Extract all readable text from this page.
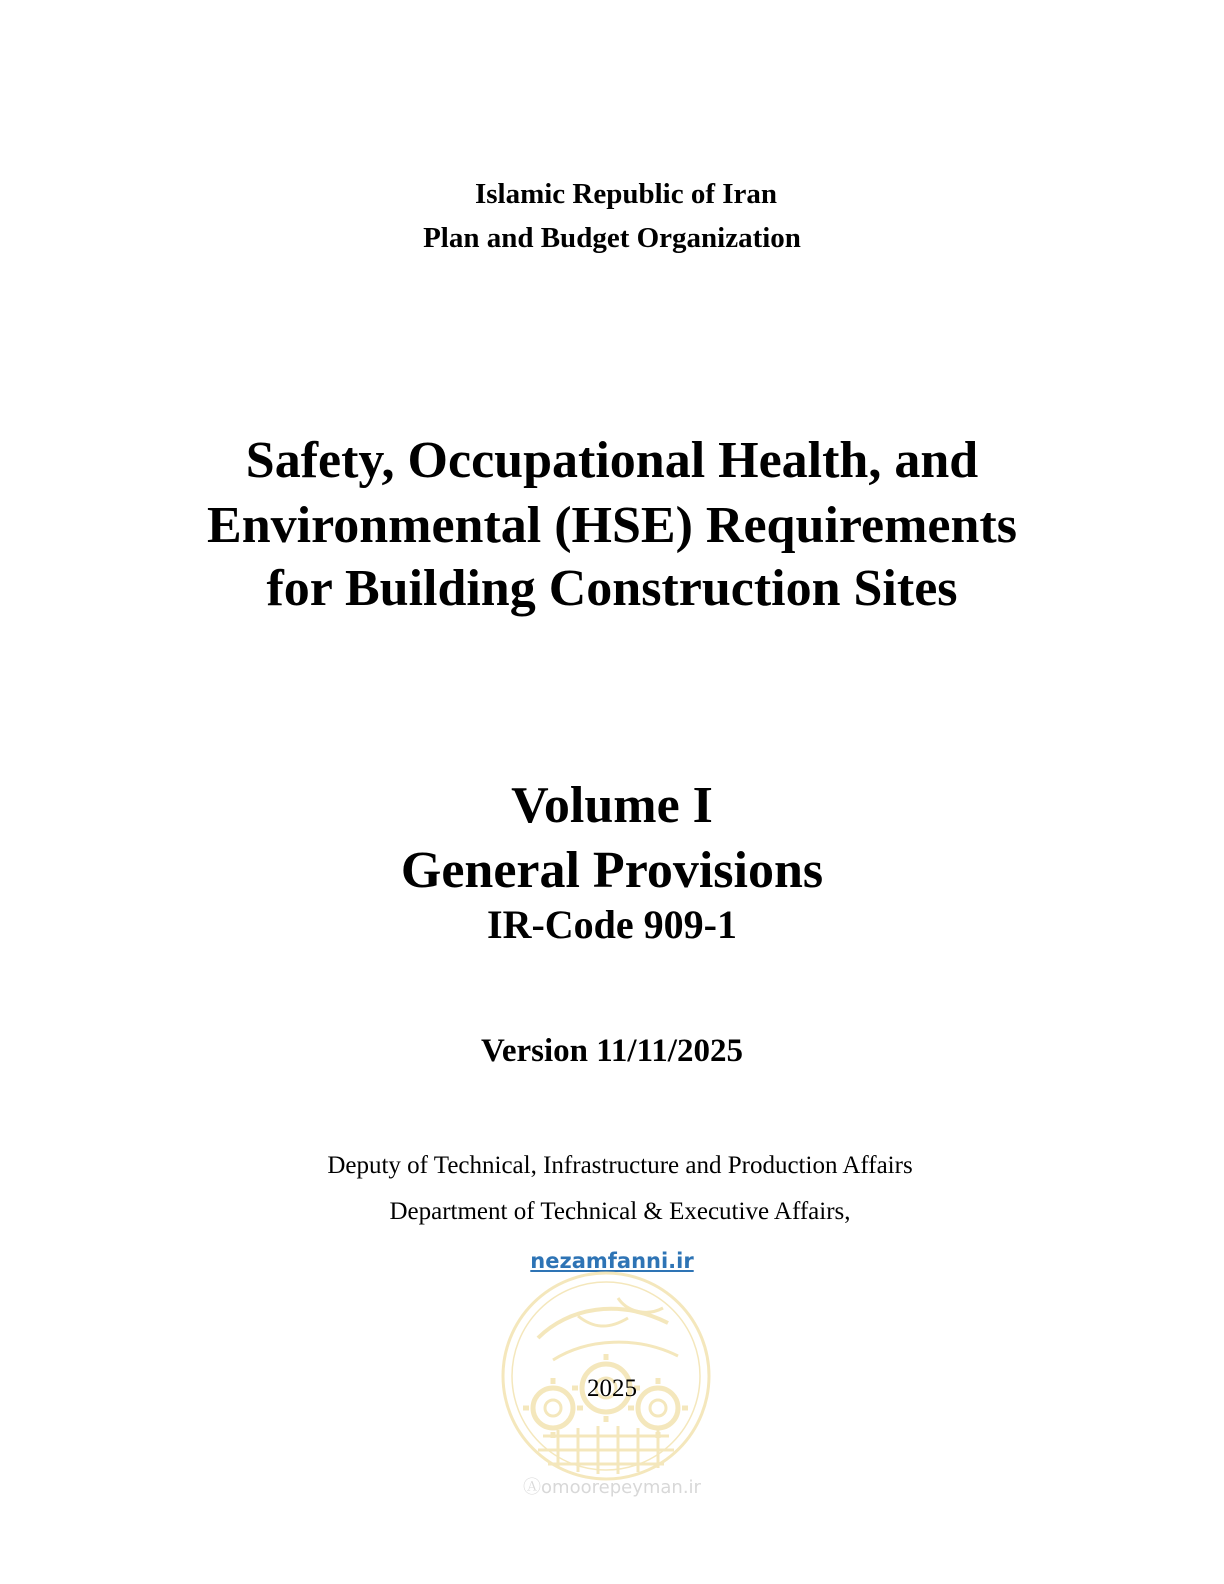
Islamic Republic of Iran
Plan and Budget Organization
Safety, Occupational Health, and
Environmental (HSE) Requirements
for Building Construction Sites
Volume I
General Provisions
IR-Code 909-1
Version 11/11/2025
Deputy of Technical, Infrastructure and Production Affairs
Department of Technical & Executive Affairs,
nezamfanni.ir
2025
Ⓐomoorepeyman.ir
